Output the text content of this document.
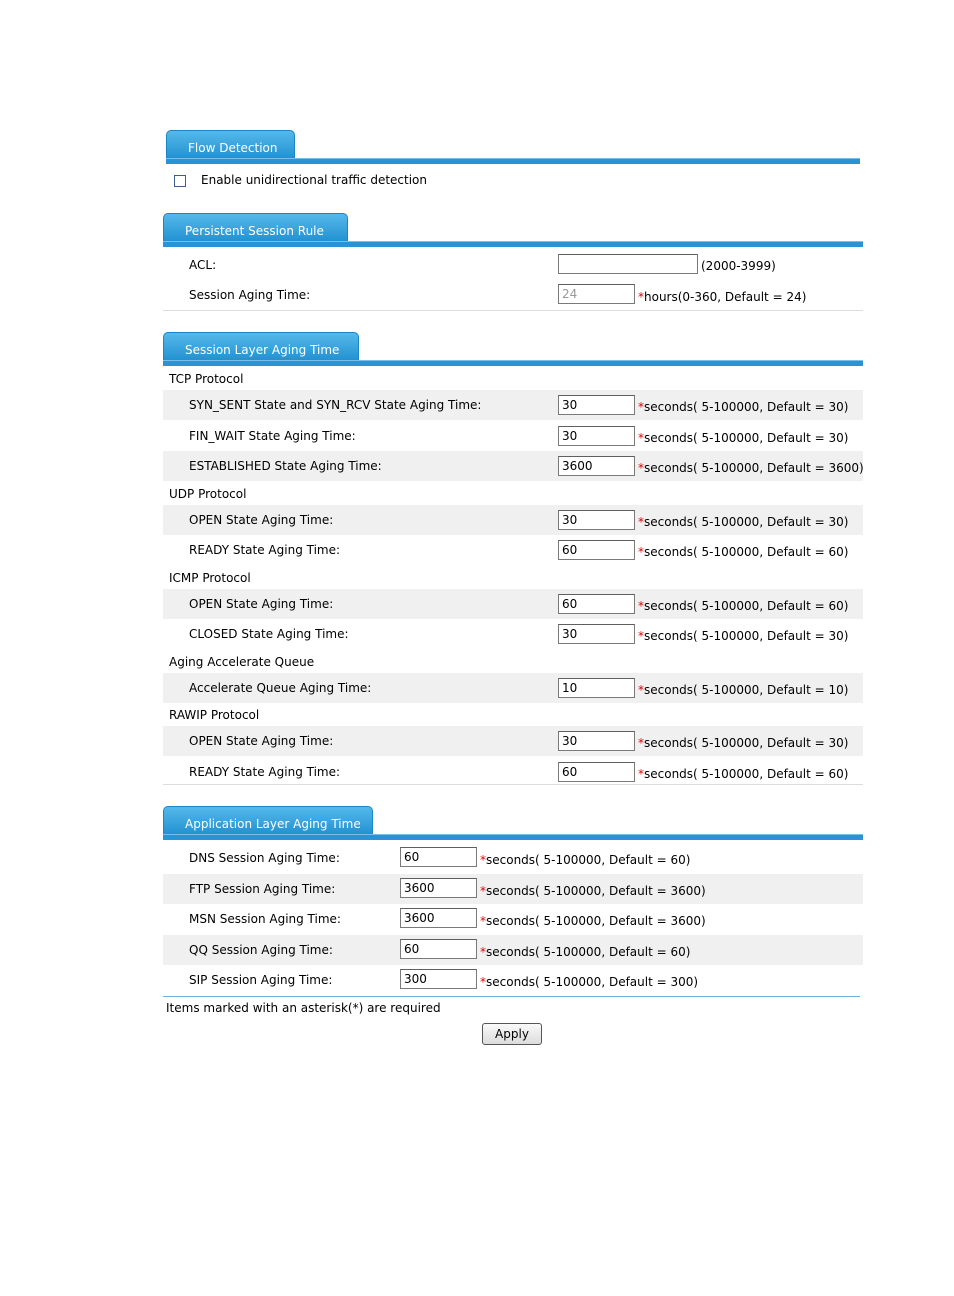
Flow Detection
Enable unidirectional traffic detection
Persistent Session Rule
ACL:	(2000-3999)
Session Aging Time:
24	*hours(0-360, Default = 24)
Session Layer Aging Time
TCP Protocol
SYN_SENT State and SYN_RCV State Aging Time:
30	*seconds( 5-100000, Default = 30)
FIN_WAIT State Aging Time:
30	*seconds( 5-100000, Default = 30)
ESTABLISHED State Aging Time:
3600	*seconds( 5-100000, Default = 3600)
UDP Protocol
OPEN State Aging Time:
30	*seconds( 5-100000, Default = 30)
READY State Aging Time:
60	*seconds( 5-100000, Default = 60)
ICMP Protocol
OPEN State Aging Time:
60	*seconds( 5-100000, Default = 60)
CLOSED State Aging Time:
30	*seconds( 5-100000, Default = 30)
Aging Accelerate Queue
Accelerate Queue Aging Time:
10	*seconds( 5-100000, Default = 10)
RAWIP Protocol
OPEN State Aging Time:
30	*seconds( 5-100000, Default = 30)
READY State Aging Time:
60	*seconds( 5-100000, Default = 60)
Application Layer Aging Time
DNS Session Aging Time:
60	*seconds( 5-100000, Default = 60)
FTP Session Aging Time:
3600	*seconds( 5-100000, Default = 3600)
MSN Session Aging Time:
3600	*seconds( 5-100000, Default = 3600)
QQ Session Aging Time:
60	*seconds( 5-100000, Default = 60)
SIP Session Aging Time:
300	*seconds( 5-100000, Default = 300)
Items marked with an asterisk(*) are required
Apply
